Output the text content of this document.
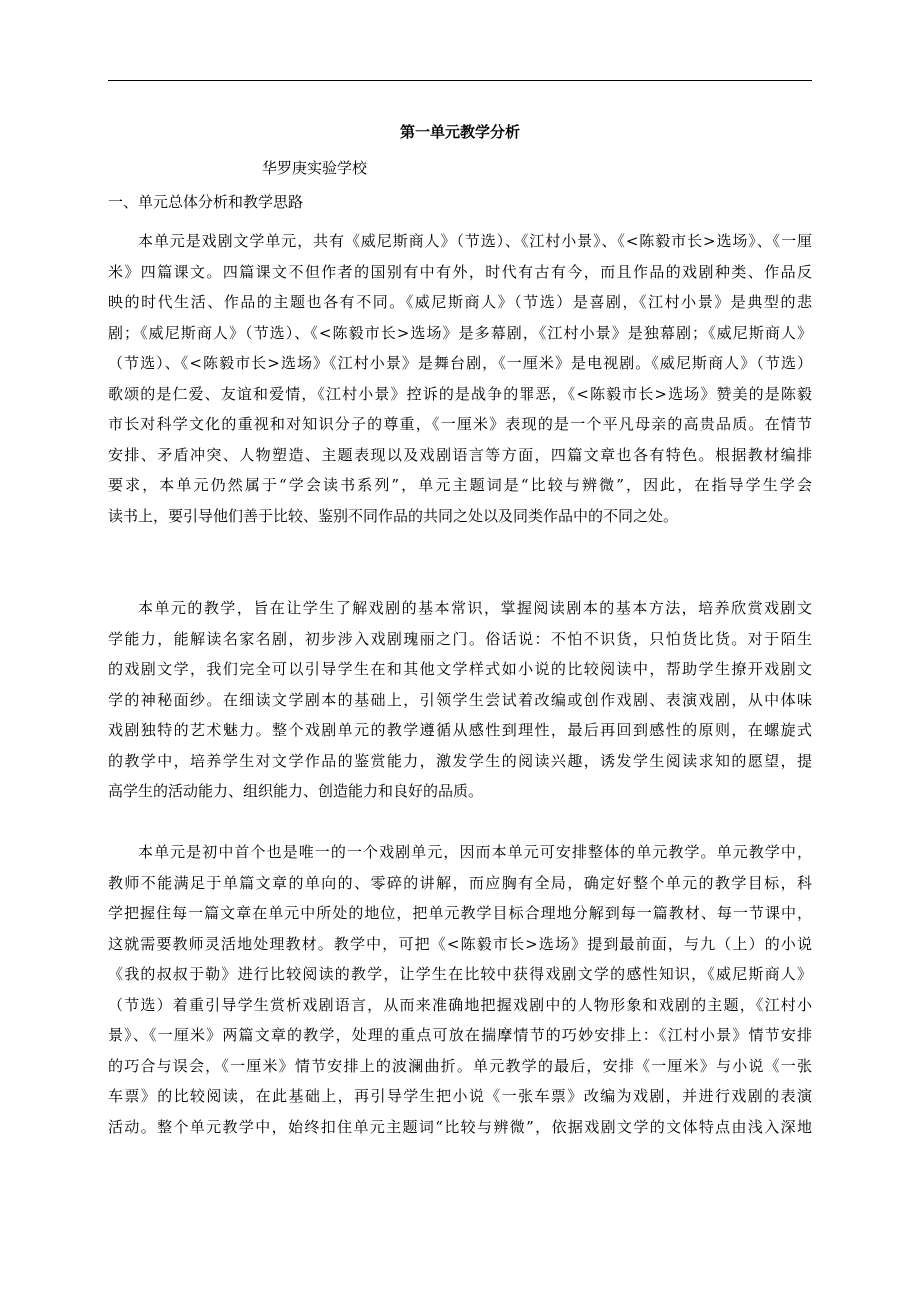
第一单元教学分析
华罗庚实验学校
一、单元总体分析和教学思路
本单元是戏剧文学单元，共有《威尼斯商人》（节选）、《江村小景》、《<陈毅市长>选场》、《一厘
米》四篇课文。四篇课文不但作者的国别有中有外，时代有古有今，而且作品的戏剧种类、作品反
映的时代生活、作品的主题也各有不同。《威尼斯商人》（节选）是喜剧，《江村小景》是典型的悲
剧；《威尼斯商人》（节选）、《<陈毅市长>选场》是多幕剧，《江村小景》是独幕剧；《威尼斯商人》
（节选）、《<陈毅市长>选场》《江村小景》是舞台剧，《一厘米》是电视剧。《威尼斯商人》（节选）
歌颂的是仁爱、友谊和爱情，《江村小景》控诉的是战争的罪恶，《<陈毅市长>选场》赞美的是陈毅
市长对科学文化的重视和对知识分子的尊重，《一厘米》表现的是一个平凡母亲的高贵品质。在情节
安排、矛盾冲突、人物塑造、主题表现以及戏剧语言等方面，四篇文章也各有特色。根据教材编排
要求，本单元仍然属于“学会读书系列”，单元主题词是“比较与辨微”，因此，在指导学生学会
读书上，要引导他们善于比较、鉴别不同作品的共同之处以及同类作品中的不同之处。
本单元的教学，旨在让学生了解戏剧的基本常识，掌握阅读剧本的基本方法，培养欣赏戏剧文
学能力，能解读名家名剧，初步涉入戏剧瑰丽之门。俗话说：不怕不识货，只怕货比货。对于陌生
的戏剧文学，我们完全可以引导学生在和其他文学样式如小说的比较阅读中，帮助学生撩开戏剧文
学的神秘面纱。在细读文学剧本的基础上，引领学生尝试着改编或创作戏剧、表演戏剧，从中体味
戏剧独特的艺术魅力。整个戏剧单元的教学遵循从感性到理性，最后再回到感性的原则，在螺旋式
的教学中，培养学生对文学作品的鉴赏能力，激发学生的阅读兴趣，诱发学生阅读求知的愿望，提
高学生的活动能力、组织能力、创造能力和良好的品质。
本单元是初中首个也是唯一的一个戏剧单元，因而本单元可安排整体的单元教学。单元教学中，
教师不能满足于单篇文章的单向的、零碎的讲解，而应胸有全局，确定好整个单元的教学目标，科
学把握住每一篇文章在单元中所处的地位，把单元教学目标合理地分解到每一篇教材、每一节课中，
这就需要教师灵活地处理教材。教学中，可把《<陈毅市长>选场》提到最前面，与九（上）的小说
《我的叔叔于勒》进行比较阅读的教学，让学生在比较中获得戏剧文学的感性知识，《威尼斯商人》
（节选）着重引导学生赏析戏剧语言，从而来准确地把握戏剧中的人物形象和戏剧的主题，《江村小
景》、《一厘米》两篇文章的教学，处理的重点可放在揣摩情节的巧妙安排上：《江村小景》情节安排
的巧合与误会，《一厘米》情节安排上的波澜曲折。单元教学的最后，安排《一厘米》与小说《一张
车票》的比较阅读，在此基础上，再引导学生把小说《一张车票》改编为戏剧，并进行戏剧的表演
活动。整个单元教学中，始终扣住单元主题词“比较与辨微”，依据戏剧文学的文体特点由浅入深地
